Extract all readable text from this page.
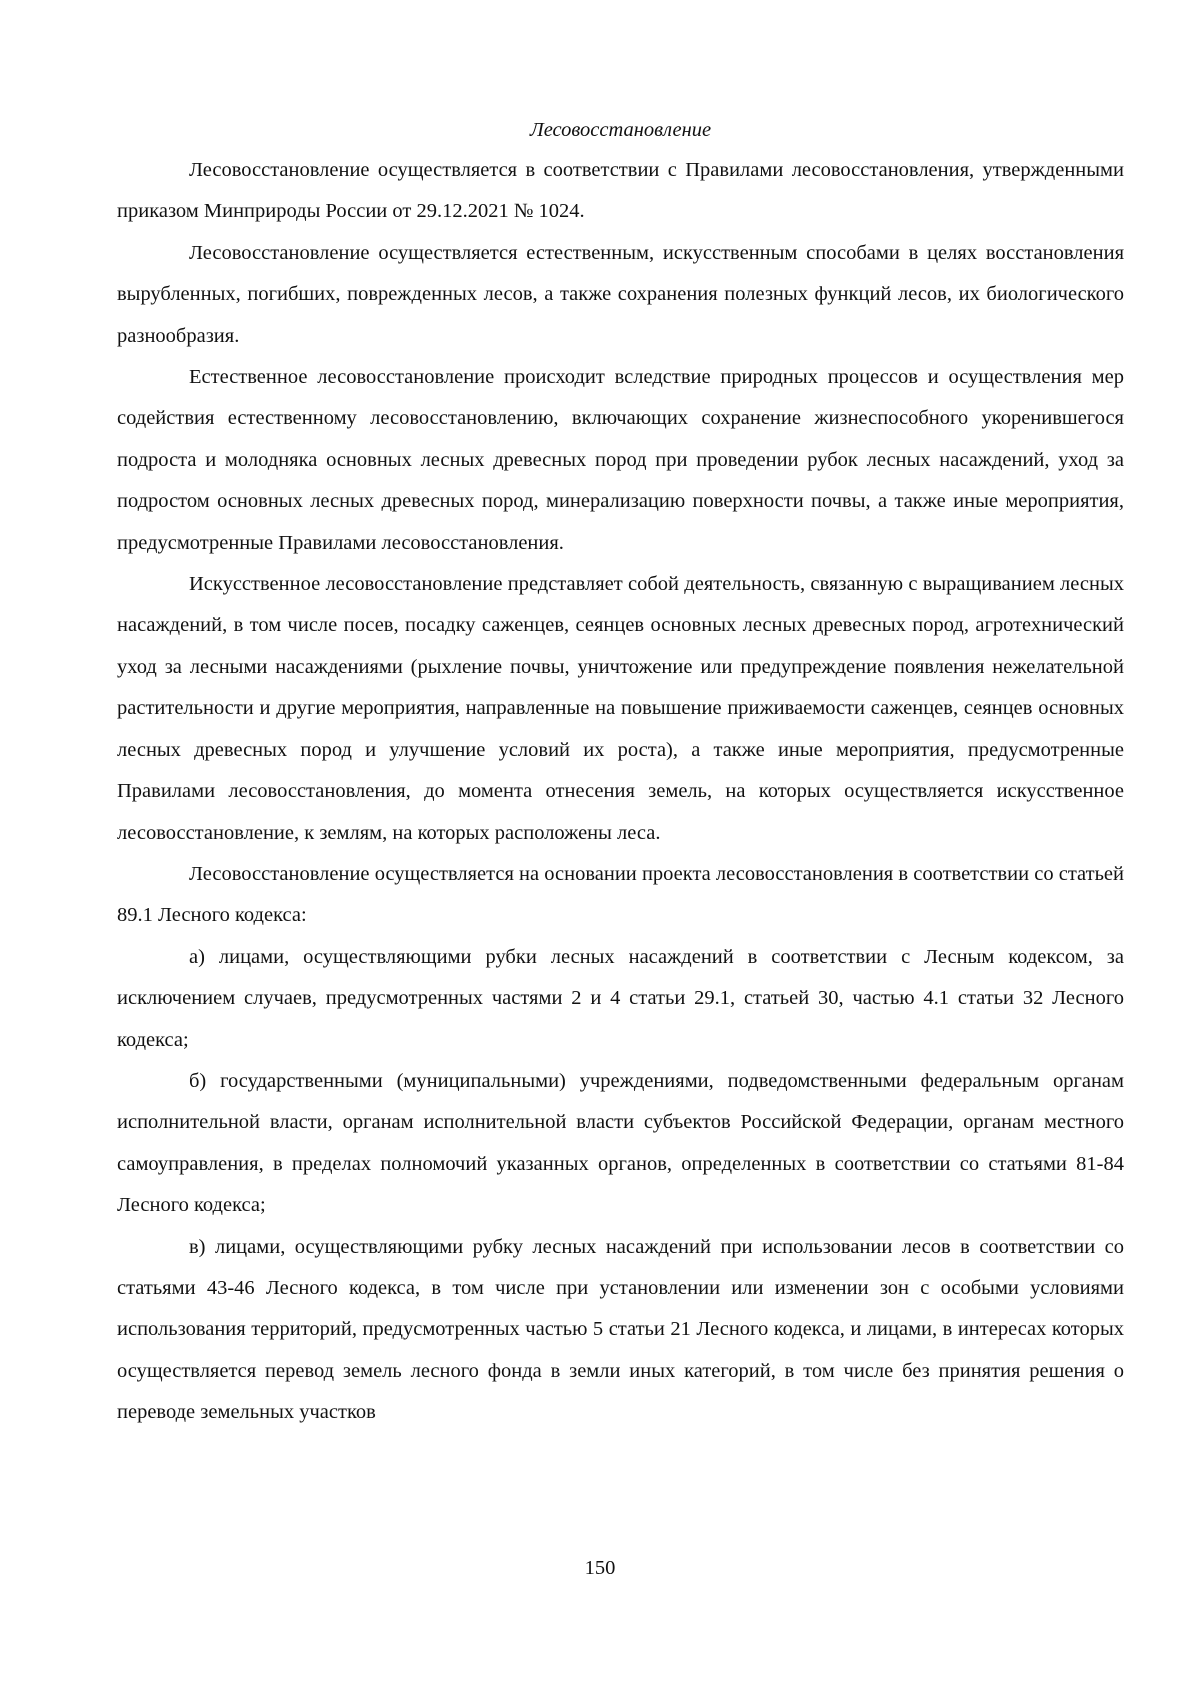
Лесовосстановление

Лесовосстановление осуществляется в соответствии с Правилами лесовосстановления, утвержденными приказом Минприроды России от 29.12.2021 № 1024.

Лесовосстановление осуществляется естественным, искусственным способами в целях восстановления вырубленных, погибших, поврежденных лесов, а также сохранения полезных функций лесов, их биологического разнообразия.

Естественное лесовосстановление происходит вследствие природных процессов и осуществления мер содействия естественному лесовосстановлению, включающих сохранение жизнеспособного укоренившегося подроста и молодняка основных лесных древесных пород при проведении рубок лесных насаждений, уход за подростом основных лесных древесных пород, минерализацию поверхности почвы, а также иные мероприятия, предусмотренные Правилами лесовосстановления.

Искусственное лесовосстановление представляет собой деятельность, связанную с выращиванием лесных насаждений, в том числе посев, посадку саженцев, сеянцев основных лесных древесных пород, агротехнический уход за лесными насаждениями (рыхление почвы, уничтожение или предупреждение появления нежелательной растительности и другие мероприятия, направленные на повышение приживаемости саженцев, сеянцев основных лесных древесных пород и улучшение условий их роста), а также иные мероприятия, предусмотренные Правилами лесовосстановления, до момента отнесения земель, на которых осуществляется искусственное лесовосстановление, к землям, на которых расположены леса.

Лесовосстановление осуществляется на основании проекта лесовосстановления в соответствии со статьей 89.1 Лесного кодекса:

а) лицами, осуществляющими рубки лесных насаждений в соответствии с Лесным кодексом, за исключением случаев, предусмотренных частями 2 и 4 статьи 29.1, статьей 30, частью 4.1 статьи 32 Лесного кодекса;

б) государственными (муниципальными) учреждениями, подведомственными федеральным органам исполнительной власти, органам исполнительной власти субъектов Российской Федерации, органам местного самоуправления, в пределах полномочий указанных органов, определенных в соответствии со статьями 81-84 Лесного кодекса;

в) лицами, осуществляющими рубку лесных насаждений при использовании лесов в соответствии со статьями 43-46 Лесного кодекса, в том числе при установлении или изменении зон с особыми условиями использования территорий, предусмотренных частью 5 статьи 21 Лесного кодекса, и лицами, в интересах которых осуществляется перевод земель лесного фонда в земли иных категорий, в том числе без принятия решения о переводе земельных участков

150
